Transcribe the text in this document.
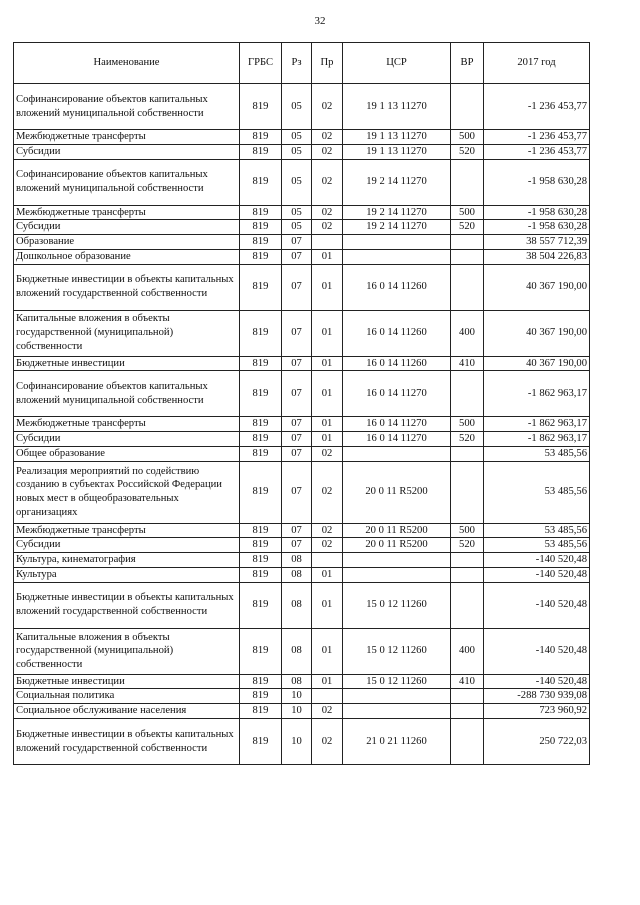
32
Наименование	ГРБС	Рз	Пр	ЦСР	ВР	2017 год
Софинансирование объектов капитальных вложений муниципальной собственности	819	05	02	19 1 13 11270		-1 236 453,77
Межбюджетные трансферты	819	05	02	19 1 13 11270	500	-1 236 453,77
Субсидии	819	05	02	19 1 13 11270	520	-1 236 453,77
Софинансирование объектов капитальных вложений муниципальной собственности	819	05	02	19 2 14 11270		-1 958 630,28
Межбюджетные трансферты	819	05	02	19 2 14 11270	500	-1 958 630,28
Субсидии	819	05	02	19 2 14 11270	520	-1 958 630,28
Образование	819	07				38 557 712,39
Дошкольное образование	819	07	01			38 504 226,83
Бюджетные инвестиции в объекты капитальных вложений государственной собственности	819	07	01	16 0 14 11260		40 367 190,00
Капитальные вложения в объекты государственной (муниципальной) собственности	819	07	01	16 0 14 11260	400	40 367 190,00
Бюджетные инвестиции	819	07	01	16 0 14 11260	410	40 367 190,00
Софинансирование объектов капитальных вложений муниципальной собственности	819	07	01	16 0 14 11270		-1 862 963,17
Межбюджетные трансферты	819	07	01	16 0 14 11270	500	-1 862 963,17
Субсидии	819	07	01	16 0 14 11270	520	-1 862 963,17
Общее образование	819	07	02			53 485,56
Реализация мероприятий по содействию созданию в субъектах Российской Федерации новых мест в общеобразовательных организациях	819	07	02	20 0 11 R5200		53 485,56
Межбюджетные трансферты	819	07	02	20 0 11 R5200	500	53 485,56
Субсидии	819	07	02	20 0 11 R5200	520	53 485,56
Культура, кинематография	819	08				-140 520,48
Культура	819	08	01			-140 520,48
Бюджетные инвестиции в объекты капитальных вложений государственной собственности	819	08	01	15 0 12 11260		-140 520,48
Капитальные вложения в объекты государственной (муниципальной) собственности	819	08	01	15 0 12 11260	400	-140 520,48
Бюджетные инвестиции	819	08	01	15 0 12 11260	410	-140 520,48
Социальная политика	819	10				-288 730 939,08
Социальное обслуживание населения	819	10	02			723 960,92
Бюджетные инвестиции в объекты капитальных вложений государственной собственности	819	10	02	21 0 21 11260		250 722,03
